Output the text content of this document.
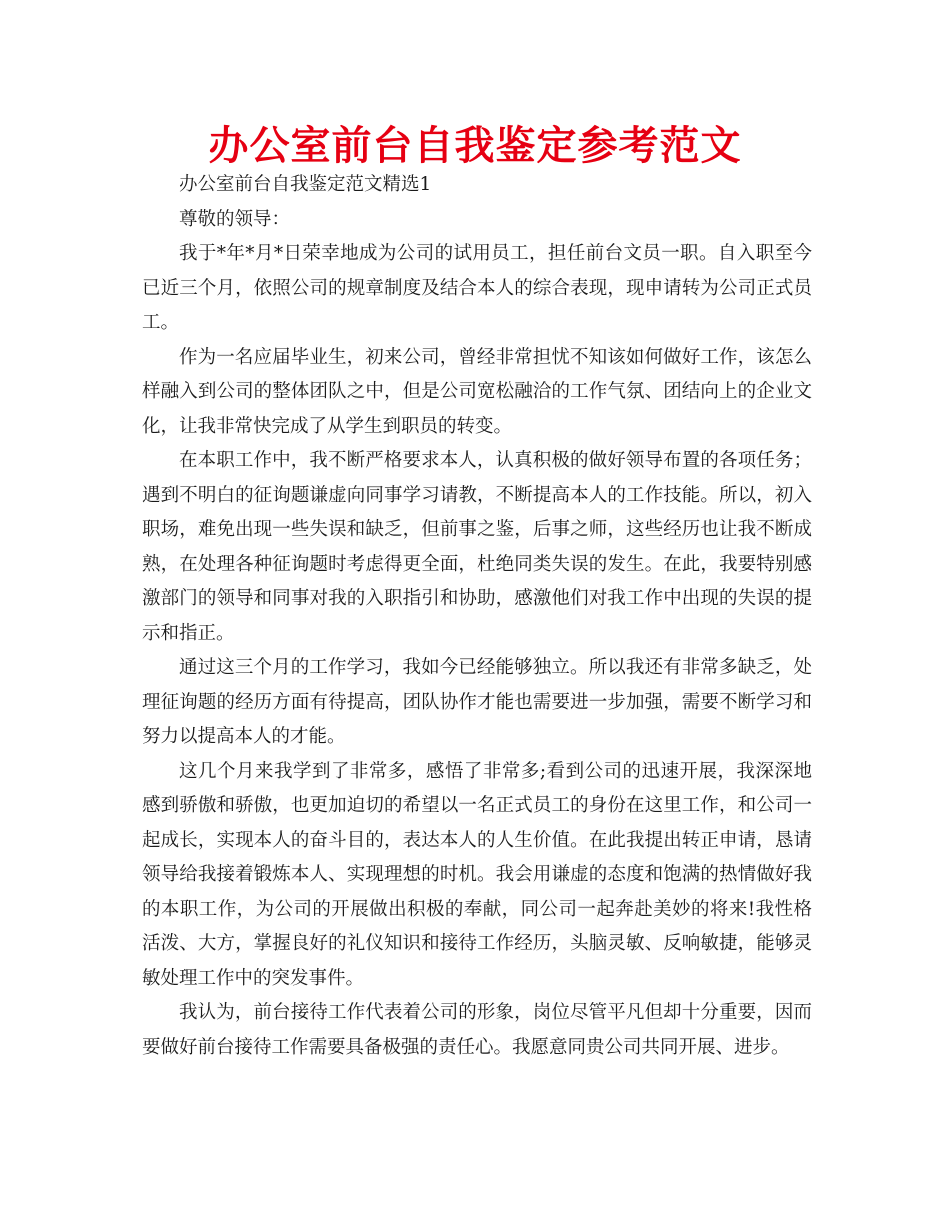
办公室前台自我鉴定参考范文

办公室前台自我鉴定范文精选1

尊敬的领导：

我于*年*月*日荣幸地成为公司的试用员工，担任前台文员一职。自入职至今已近三个月，依照公司的规章制度及结合本人的综合表现，现申请转为公司正式员工。

作为一名应届毕业生，初来公司，曾经非常担忧不知该如何做好工作，该怎么样融入到公司的整体团队之中，但是公司宽松融洽的工作气氛、团结向上的企业文化，让我非常快完成了从学生到职员的转变。

在本职工作中，我不断严格要求本人，认真积极的做好领导布置的各项任务；遇到不明白的征询题谦虚向同事学习请教，不断提高本人的工作技能。所以，初入职场，难免出现一些失误和缺乏，但前事之鉴，后事之师，这些经历也让我不断成熟，在处理各种征询题时考虑得更全面，杜绝同类失误的发生。在此，我要特别感激部门的领导和同事对我的入职指引和协助，感激他们对我工作中出现的失误的提示和指正。

通过这三个月的工作学习，我如今已经能够独立。所以我还有非常多缺乏，处理征询题的经历方面有待提高，团队协作才能也需要进一步加强，需要不断学习和努力以提高本人的才能。

这几个月来我学到了非常多，感悟了非常多;看到公司的迅速开展，我深深地感到骄傲和骄傲，也更加迫切的希望以一名正式员工的身份在这里工作，和公司一起成长，实现本人的奋斗目的，表达本人的人生价值。在此我提出转正申请，恳请领导给我接着锻炼本人、实现理想的时机。我会用谦虚的态度和饱满的热情做好我的本职工作，为公司的开展做出积极的奉献，同公司一起奔赴美妙的将来!我性格活泼、大方，掌握良好的礼仪知识和接待工作经历，头脑灵敏、反响敏捷，能够灵敏处理工作中的突发事件。

我认为，前台接待工作代表着公司的形象，岗位尽管平凡但却十分重要，因而要做好前台接待工作需要具备极强的责任心。我愿意同贵公司共同开展、进步。
